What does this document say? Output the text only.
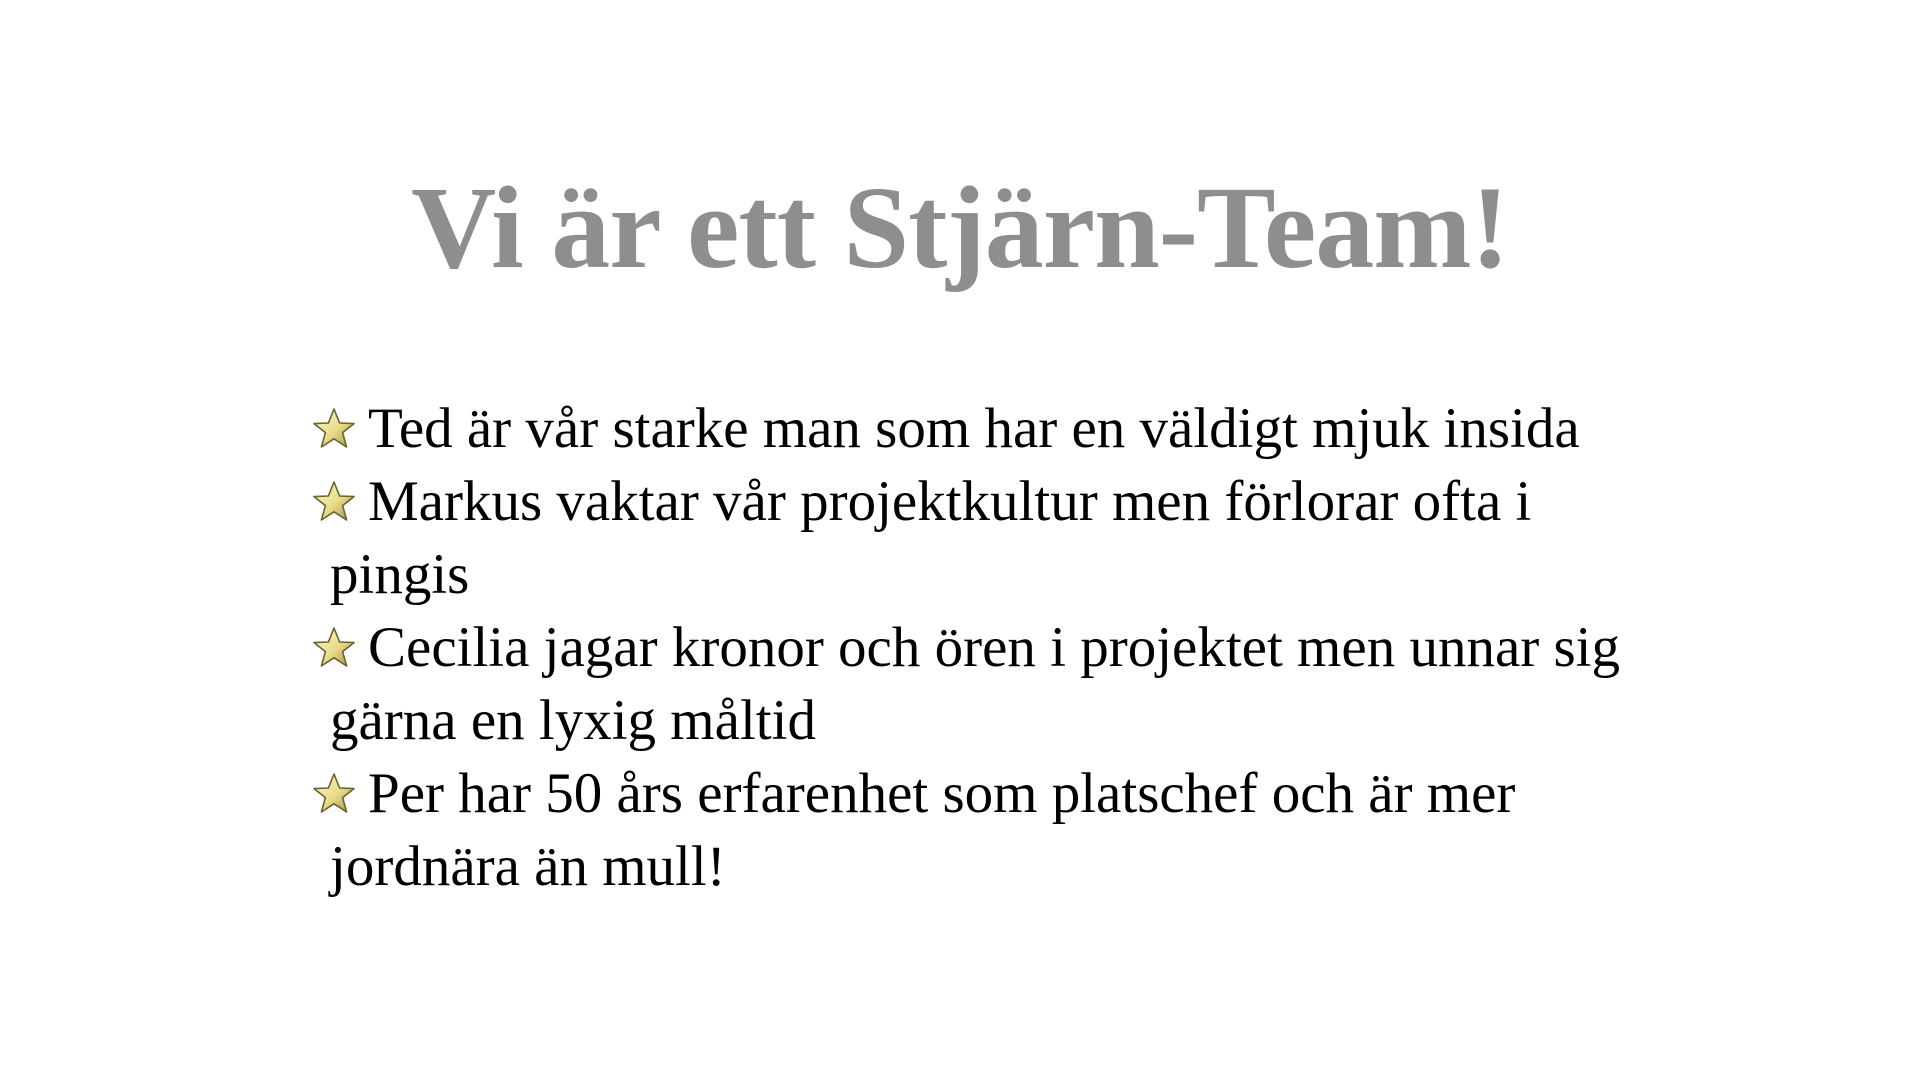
Vi är ett Stjärn-Team!
Ted är vår starke man som har en väldigt mjuk insida
Markus vaktar vår projektkultur men förlorar ofta i pingis
Cecilia jagar kronor och ören i projektet men unnar sig gärna en lyxig måltid
Per har 50 års erfarenhet som platschef och är mer jordnära än mull!
